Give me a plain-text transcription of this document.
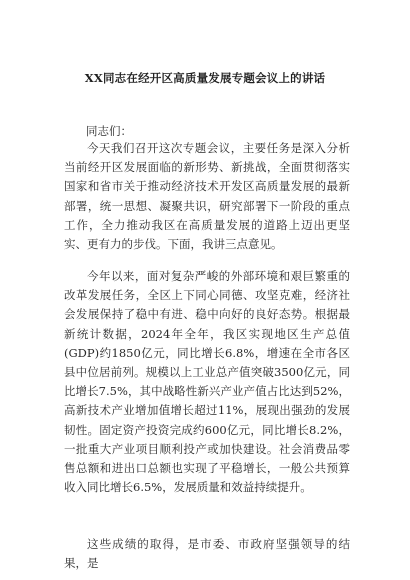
XX同志在经开区高质量发展专题会议上的讲话
同志们：

今天我们召开这次专题会议，主要任务是深入分析当前经开区发展面临的新形势、新挑战，全面贯彻落实国家和省市关于推动经济技术开发区高质量发展的最新部署，统一思想、凝聚共识，研究部署下一阶段的重点工作，全力推动我区在高质量发展的道路上迈出更坚实、更有力的步伐。下面，我讲三点意见。

今年以来，面对复杂严峻的外部环境和艰巨繁重的改革发展任务，全区上下同心同德、攻坚克难，经济社会发展保持了稳中有进、稳中向好的良好态势。根据最新统计数据，2024年全年，我区实现地区生产总值(GDP)约1850亿元，同比增长6.8%，增速在全市各区县中位居前列。规模以上工业总产值突破3500亿元，同比增长7.5%，其中战略性新兴产业产值占比达到52%，高新技术产业增加值增长超过11%，展现出强劲的发展韧性。固定资产投资完成约600亿元，同比增长8.2%，一批重大产业项目顺利投产或加快建设。社会消费品零售总额和进出口总额也实现了平稳增长，一般公共预算收入同比增长6.5%，发展质量和效益持续提升。

这些成绩的取得，是市委、市政府坚强领导的结果，是
